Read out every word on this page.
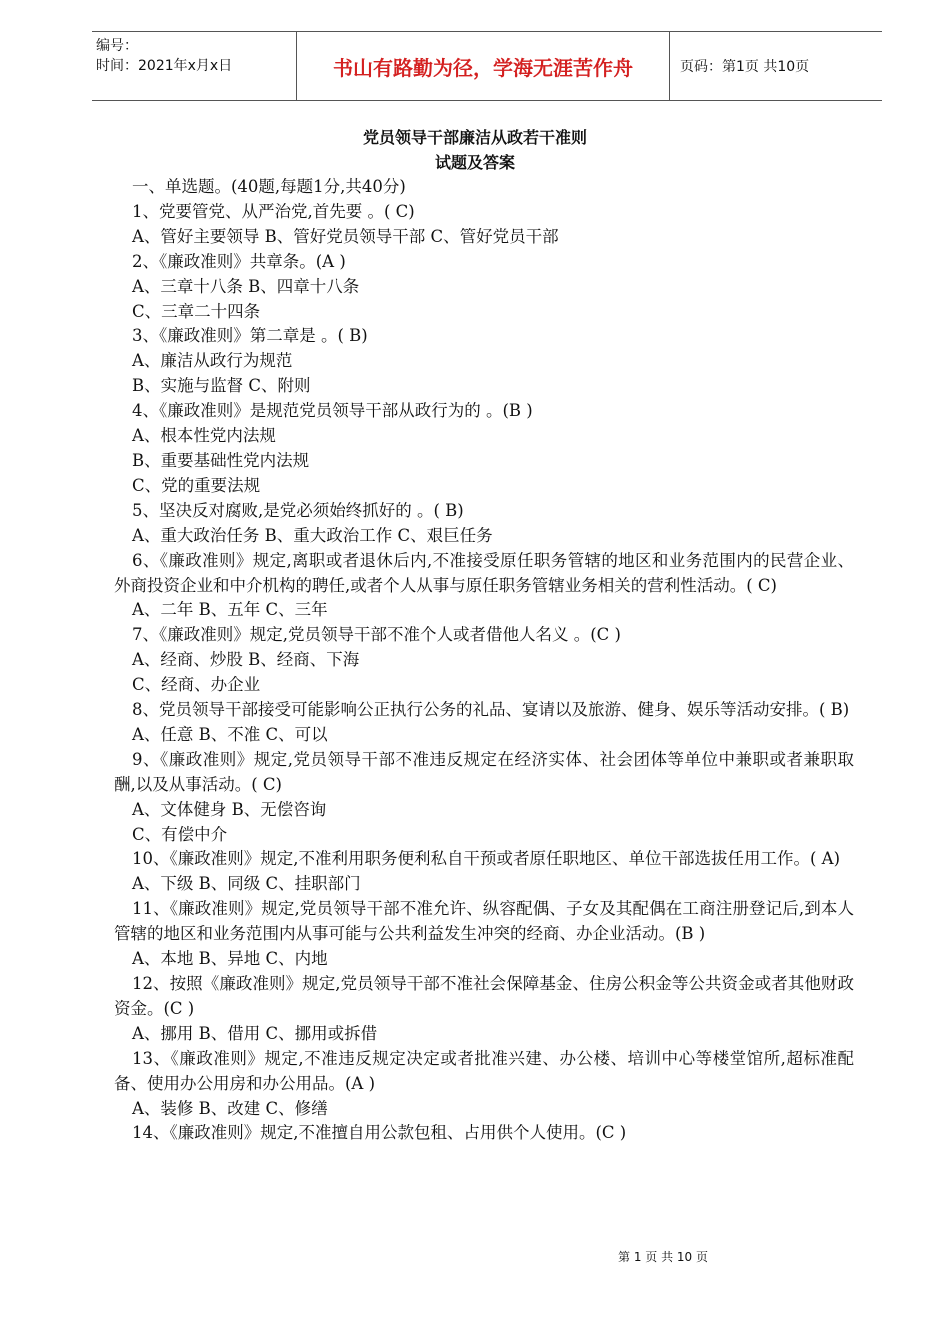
编号：
时间：2021年x月x日	书山有路勤为径，学海无涯苦作舟	页码：第1页 共10页
党员领导干部廉洁从政若干准则
试题及答案

一、单选题。(40题,每题1分,共40分)

1、党要管党、从严治党,首先要 。( C)

A、管好主要领导 B、管好党员领导干部 C、管好党员干部

2、《廉政准则》共章条。(A )

A、三章十八条 B、四章十八条

C、三章二十四条

3、《廉政准则》第二章是 。( B)

A、廉洁从政行为规范

B、实施与监督 C、附则

4、《廉政准则》是规范党员领导干部从政行为的 。(B )

A、根本性党内法规

B、重要基础性党内法规

C、党的重要法规

5、坚决反对腐败,是党必须始终抓好的 。( B)

A、重大政治任务 B、重大政治工作 C、艰巨任务

6、《廉政准则》规定,离职或者退休后内,不准接受原任职务管辖的地区和业务范围内的民营企业、外商投资企业和中介机构的聘任,或者个人从事与原任职务管辖业务相关的营利性活动。( C)

A、二年 B、五年 C、三年

7、《廉政准则》规定,党员领导干部不准个人或者借他人名义 。(C )

A、经商、炒股 B、经商、下海

C、经商、办企业

8、党员领导干部接受可能影响公正执行公务的礼品、宴请以及旅游、健身、娱乐等活动安排。( B)

A、任意 B、不准 C、可以

9、《廉政准则》规定,党员领导干部不准违反规定在经济实体、社会团体等单位中兼职或者兼职取酬,以及从事活动。( C)

A、文体健身 B、无偿咨询

C、有偿中介

10、《廉政准则》规定,不准利用职务便利私自干预或者原任职地区、单位干部选拔任用工作。( A)

A、下级 B、同级 C、挂职部门

11、《廉政准则》规定,党员领导干部不准允许、纵容配偶、子女及其配偶在工商注册登记后,到本人管辖的地区和业务范围内从事可能与公共利益发生冲突的经商、办企业活动。(B )

A、本地 B、异地 C、内地

12、按照《廉政准则》规定,党员领导干部不准社会保障基金、住房公积金等公共资金或者其他财政资金。(C )

A、挪用 B、借用 C、挪用或拆借

13、《廉政准则》规定,不准违反规定决定或者批准兴建、办公楼、培训中心等楼堂馆所,超标准配备、使用办公用房和办公用品。(A )

A、装修 B、改建 C、修缮

14、《廉政准则》规定,不准擅自用公款包租、占用供个人使用。(C )

第 1 页 共 10 页
